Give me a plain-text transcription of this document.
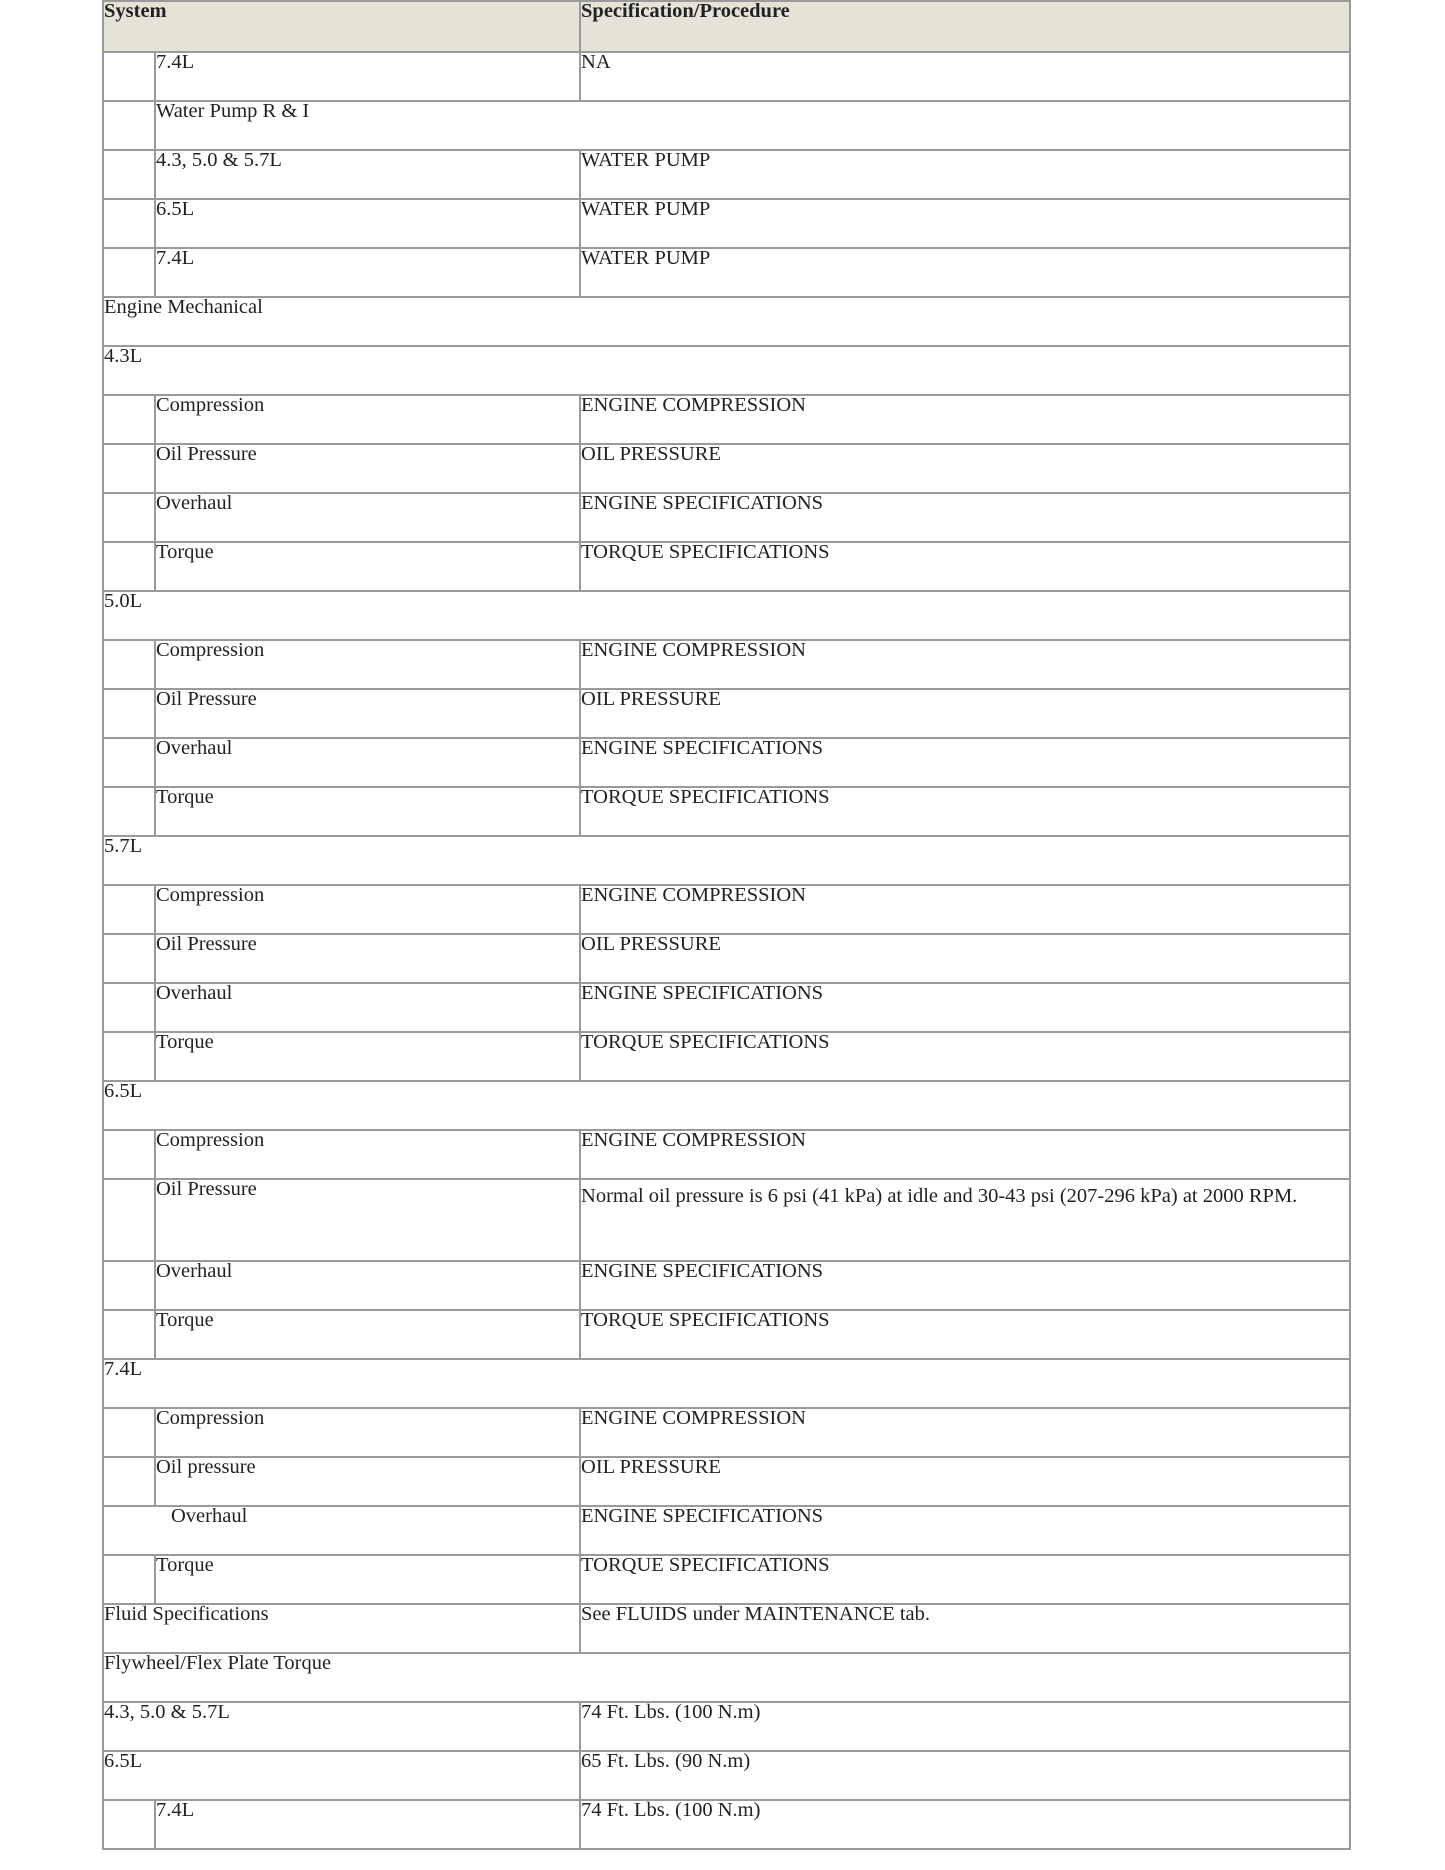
System		Specification/Procedure
	7.4L	NA
	Water Pump R & I	
	4.3, 5.0 & 5.7L	WATER PUMP
	6.5L	WATER PUMP
	7.4L	WATER PUMP
Engine Mechanical		
4.3L		
	Compression	ENGINE COMPRESSION
	Oil Pressure	OIL PRESSURE
	Overhaul	ENGINE SPECIFICATIONS
	Torque	TORQUE SPECIFICATIONS
5.0L		
	Compression	ENGINE COMPRESSION
	Oil Pressure	OIL PRESSURE
	Overhaul	ENGINE SPECIFICATIONS
	Torque	TORQUE SPECIFICATIONS
5.7L		
	Compression	ENGINE COMPRESSION
	Oil Pressure	OIL PRESSURE
	Overhaul	ENGINE SPECIFICATIONS
	Torque	TORQUE SPECIFICATIONS
6.5L		
	Compression	ENGINE COMPRESSION
	Oil Pressure	Normal oil pressure is 6 psi (41 kPa) at idle and 30-43 psi (207-296 kPa) at 2000 RPM.
	Overhaul	ENGINE SPECIFICATIONS
	Torque	TORQUE SPECIFICATIONS
7.4L		
	Compression	ENGINE COMPRESSION
	Oil pressure	OIL PRESSURE
Overhaul		ENGINE SPECIFICATIONS
	Torque	TORQUE SPECIFICATIONS
Fluid Specifications		See FLUIDS under MAINTENANCE tab.
Flywheel/Flex Plate Torque		
4.3, 5.0 & 5.7L		74 Ft. Lbs. (100 N.m)
6.5L		65 Ft. Lbs. (90 N.m)
	7.4L	74 Ft. Lbs. (100 N.m)
